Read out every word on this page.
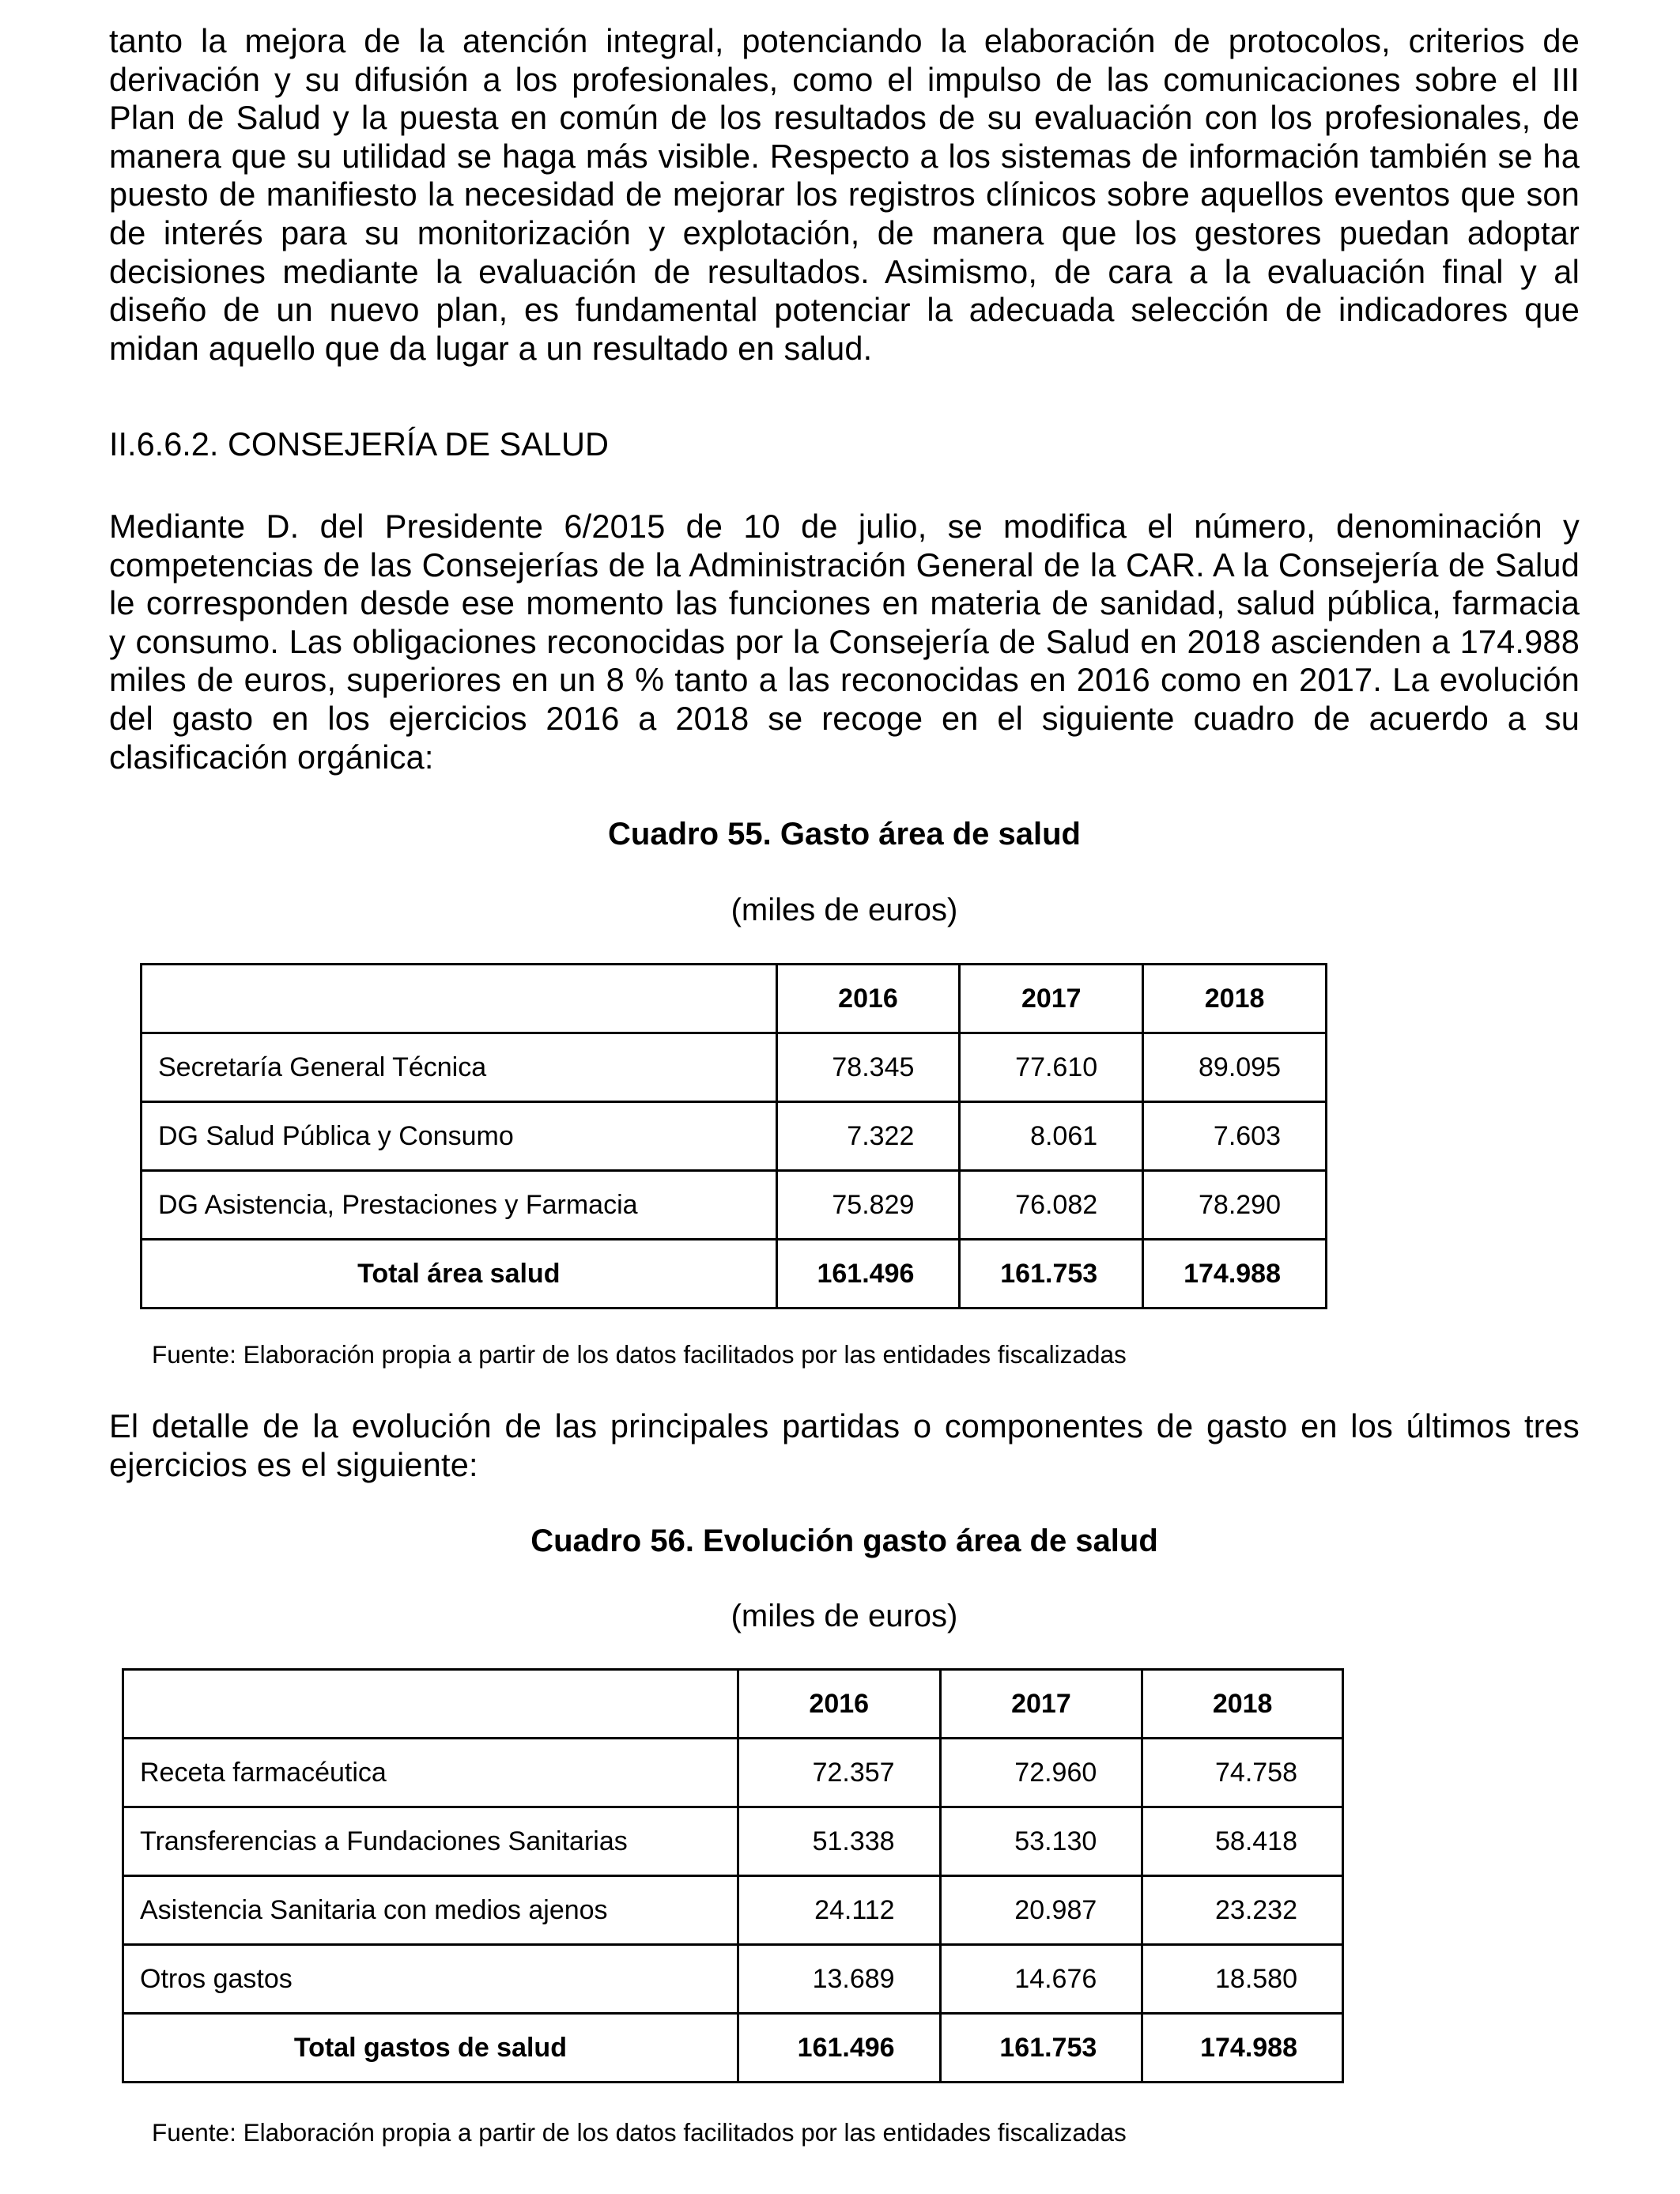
tanto la mejora de la atención integral, potenciando la elaboración de protocolos, criterios de derivación y su difusión a los profesionales, como el impulso de las comunicaciones sobre el III Plan de Salud y la puesta en común de los resultados de su evaluación con los profesionales, de manera que su utilidad se haga más visible. Respecto a los sistemas de información también se ha puesto de manifiesto la necesidad de mejorar los registros clínicos sobre aquellos eventos que son de interés para su monitorización y explotación, de manera que los gestores puedan adoptar decisiones mediante la evaluación de resultados. Asimismo, de cara a la evaluación final y al diseño de un nuevo plan, es fundamental potenciar la adecuada selección de indicadores que midan aquello que da lugar a un resultado en salud.

II.6.6.2. CONSEJERÍA DE SALUD

Mediante D. del Presidente 6/2015 de 10 de julio, se modifica el número, denominación y competencias de las Consejerías de la Administración General de la CAR. A la Consejería de Salud le corresponden desde ese momento las funciones en materia de sanidad, salud pública, farmacia y consumo. Las obligaciones reconocidas por la Consejería de Salud en 2018 ascienden a 174.988 miles de euros, superiores en un 8 % tanto a las reconocidas en 2016 como en 2017. La evolución del gasto en los ejercicios 2016 a 2018 se recoge en el siguiente cuadro de acuerdo a su clasificación orgánica:

Cuadro 55. Gasto área de salud

(miles de euros)

El detalle de la evolución de las principales partidas o componentes de gasto en los últimos tres ejercicios es el siguiente:

Cuadro 56. Evolución gasto área de salud

(miles de euros)

	2016	2017	2018
Secretaría General Técnica	78.345	77.610	89.095
DG Salud Pública y Consumo	7.322	8.061	7.603
DG Asistencia, Prestaciones y Farmacia	75.829	76.082	78.290
Total área salud	161.496	161.753	174.988

Fuente: Elaboración propia a partir de los datos facilitados por las entidades fiscalizadas

	2016	2017	2018
Receta farmacéutica	72.357	72.960	74.758
Transferencias a Fundaciones Sanitarias	51.338	53.130	58.418
Asistencia Sanitaria con medios ajenos	24.112	20.987	23.232
Otros gastos	13.689	14.676	18.580
Total gastos de salud	161.496	161.753	174.988

Fuente: Elaboración propia a partir de los datos facilitados por las entidades fiscalizadas
